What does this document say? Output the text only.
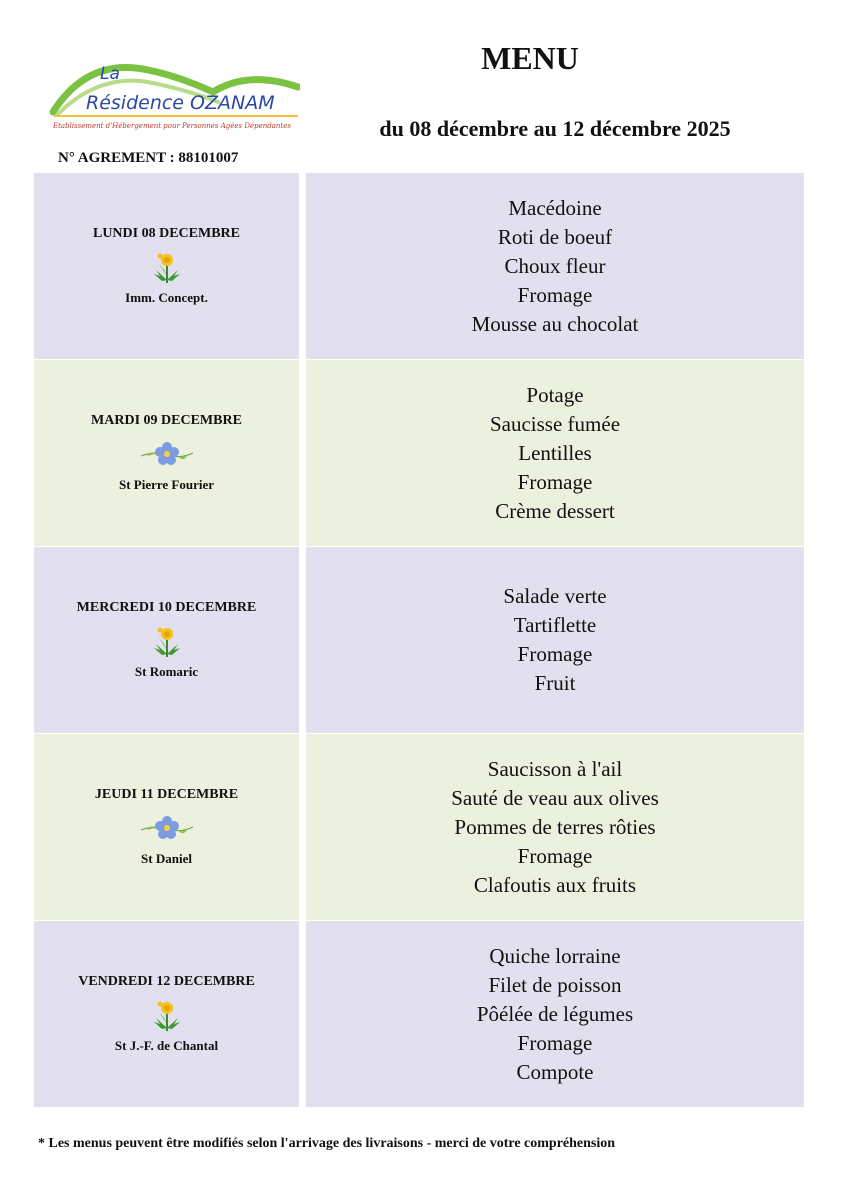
La
Résidence OZANAM
Etablissement d'Hébergement pour Personnes Agées Dépendantes
N° AGREMENT : 88101007
MENU
du 08 décembre au 12 décembre 2025
LUNDI 08 DECEMBRE
Imm. Concept.
Macédoine
Roti de boeuf
Choux fleur
Fromage
Mousse au chocolat
MARDI 09 DECEMBRE
St Pierre Fourier
Potage
Saucisse fumée
Lentilles
Fromage
Crème dessert
MERCREDI 10 DECEMBRE
St Romaric
Salade verte
Tartiflette
Fromage
Fruit
JEUDI 11 DECEMBRE
St Daniel
Saucisson à l'ail
Sauté de veau aux olives
Pommes de terres rôties
Fromage
Clafoutis aux fruits
VENDREDI 12 DECEMBRE
St J.-F. de Chantal
Quiche lorraine
Filet de poisson
Pôélée de légumes
Fromage
Compote
* Les menus peuvent être modifiés selon l'arrivage des livraisons - merci de votre compréhension
